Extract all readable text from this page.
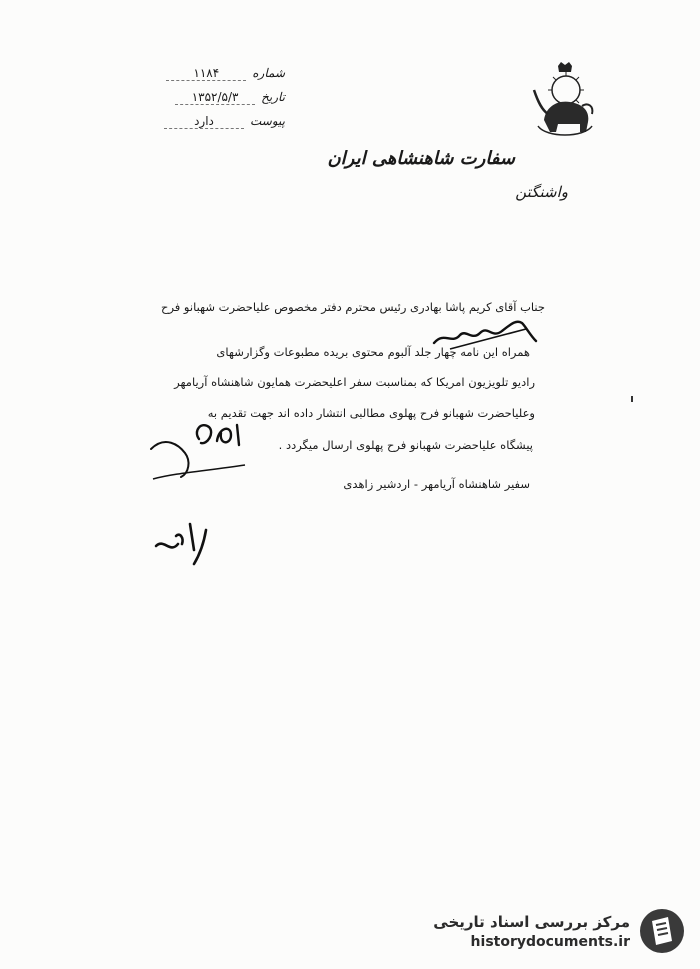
شماره
۱۱۸۴
تاریخ
۱۳۵۲/۵/۳
پیوست
دارد
سفارت شاهنشاهی ایران
واشنگتن
جناب آقای کریم پاشا بهادری رئیس محترم دفتر مخصوص علیاحضرت شهبانو فرح
همراه این نامه چهار جلد آلبوم محتوی بریده مطبوعات وگزارشهای
رادیو تلویزیون امریکا که بمناسبت سفر اعلیحضرت همایون شاهنشاه آریامهر
وعلیاحضرت شهبانو فرح پهلوی مطالبی انتشار داده اند جهت تقدیم به
پیشگاه علیاحضرت شهبانو فرح پهلوی ارسال میگردد .
سفیر شاهنشاه آریامهر - اردشیر زاهدی
مرکز بررسی اسناد تاریخی
historydocuments.ir
